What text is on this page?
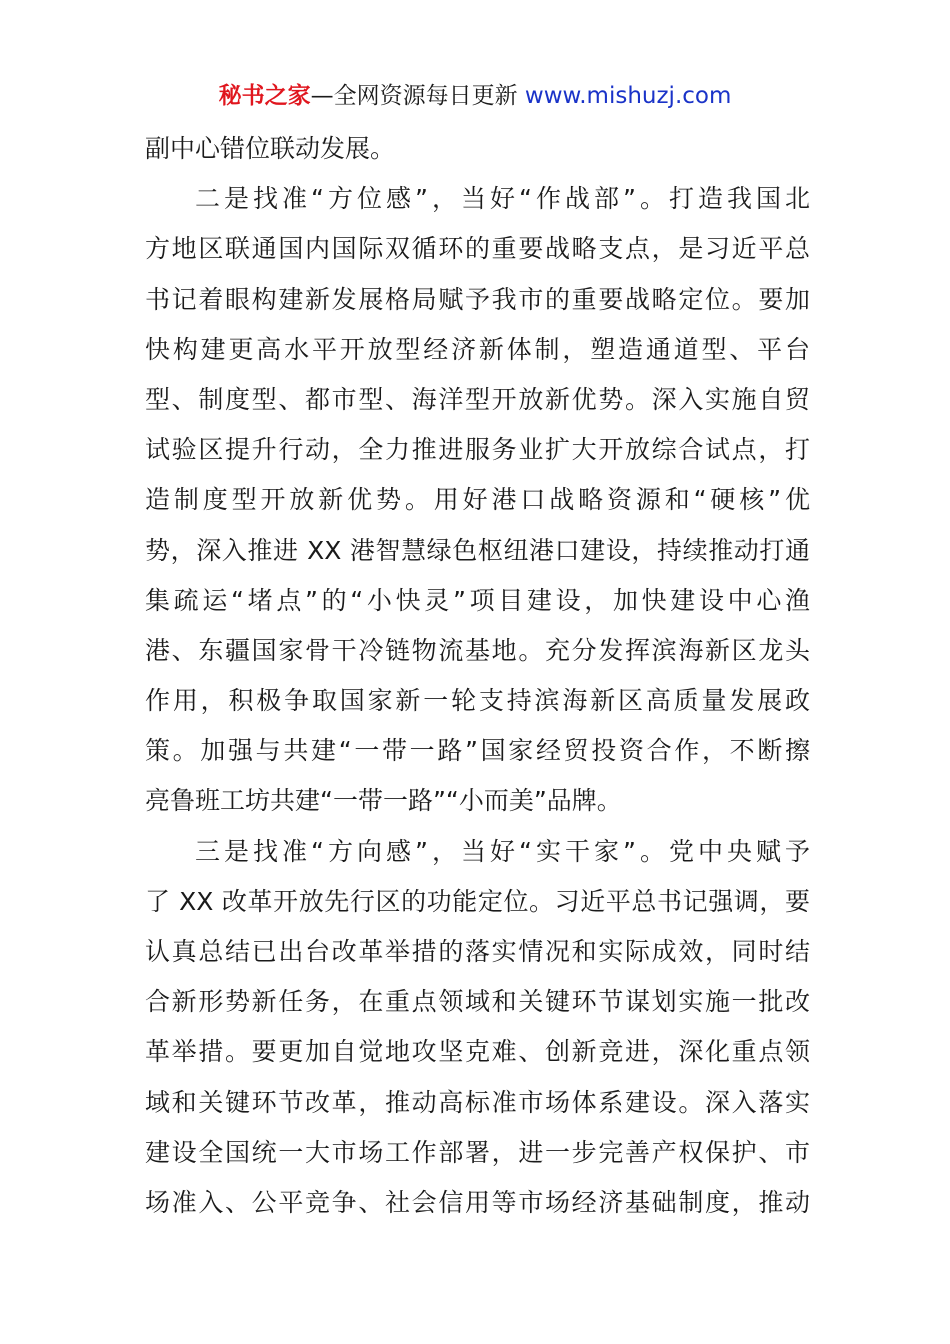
秘书之家—全网资源每日更新 www.mishuzj.com
副中心错位联动发展。
二是找准“方位感”，当好“作战部”。打造我国北
方地区联通国内国际双循环的重要战略支点，是习近平总
书记着眼构建新发展格局赋予我市的重要战略定位。要加
快构建更高水平开放型经济新体制，塑造通道型、平台
型、制度型、都市型、海洋型开放新优势。深入实施自贸
试验区提升行动，全力推进服务业扩大开放综合试点，打
造制度型开放新优势。用好港口战略资源和“硬核”优
势，深入推进 XX 港智慧绿色枢纽港口建设，持续推动打通
集疏运“堵点”的“小快灵”项目建设，加快建设中心渔
港、东疆国家骨干冷链物流基地。充分发挥滨海新区龙头
作用，积极争取国家新一轮支持滨海新区高质量发展政
策。加强与共建“一带一路”国家经贸投资合作，不断擦
亮鲁班工坊共建“一带一路”“小而美”品牌。
三是找准“方向感”，当好“实干家”。党中央赋予
了 XX 改革开放先行区的功能定位。习近平总书记强调，要
认真总结已出台改革举措的落实情况和实际成效，同时结
合新形势新任务，在重点领域和关键环节谋划实施一批改
革举措。要更加自觉地攻坚克难、创新竞进，深化重点领
域和关键环节改革，推动高标准市场体系建设。深入落实
建设全国统一大市场工作部署，进一步完善产权保护、市
场准入、公平竞争、社会信用等市场经济基础制度，推动
